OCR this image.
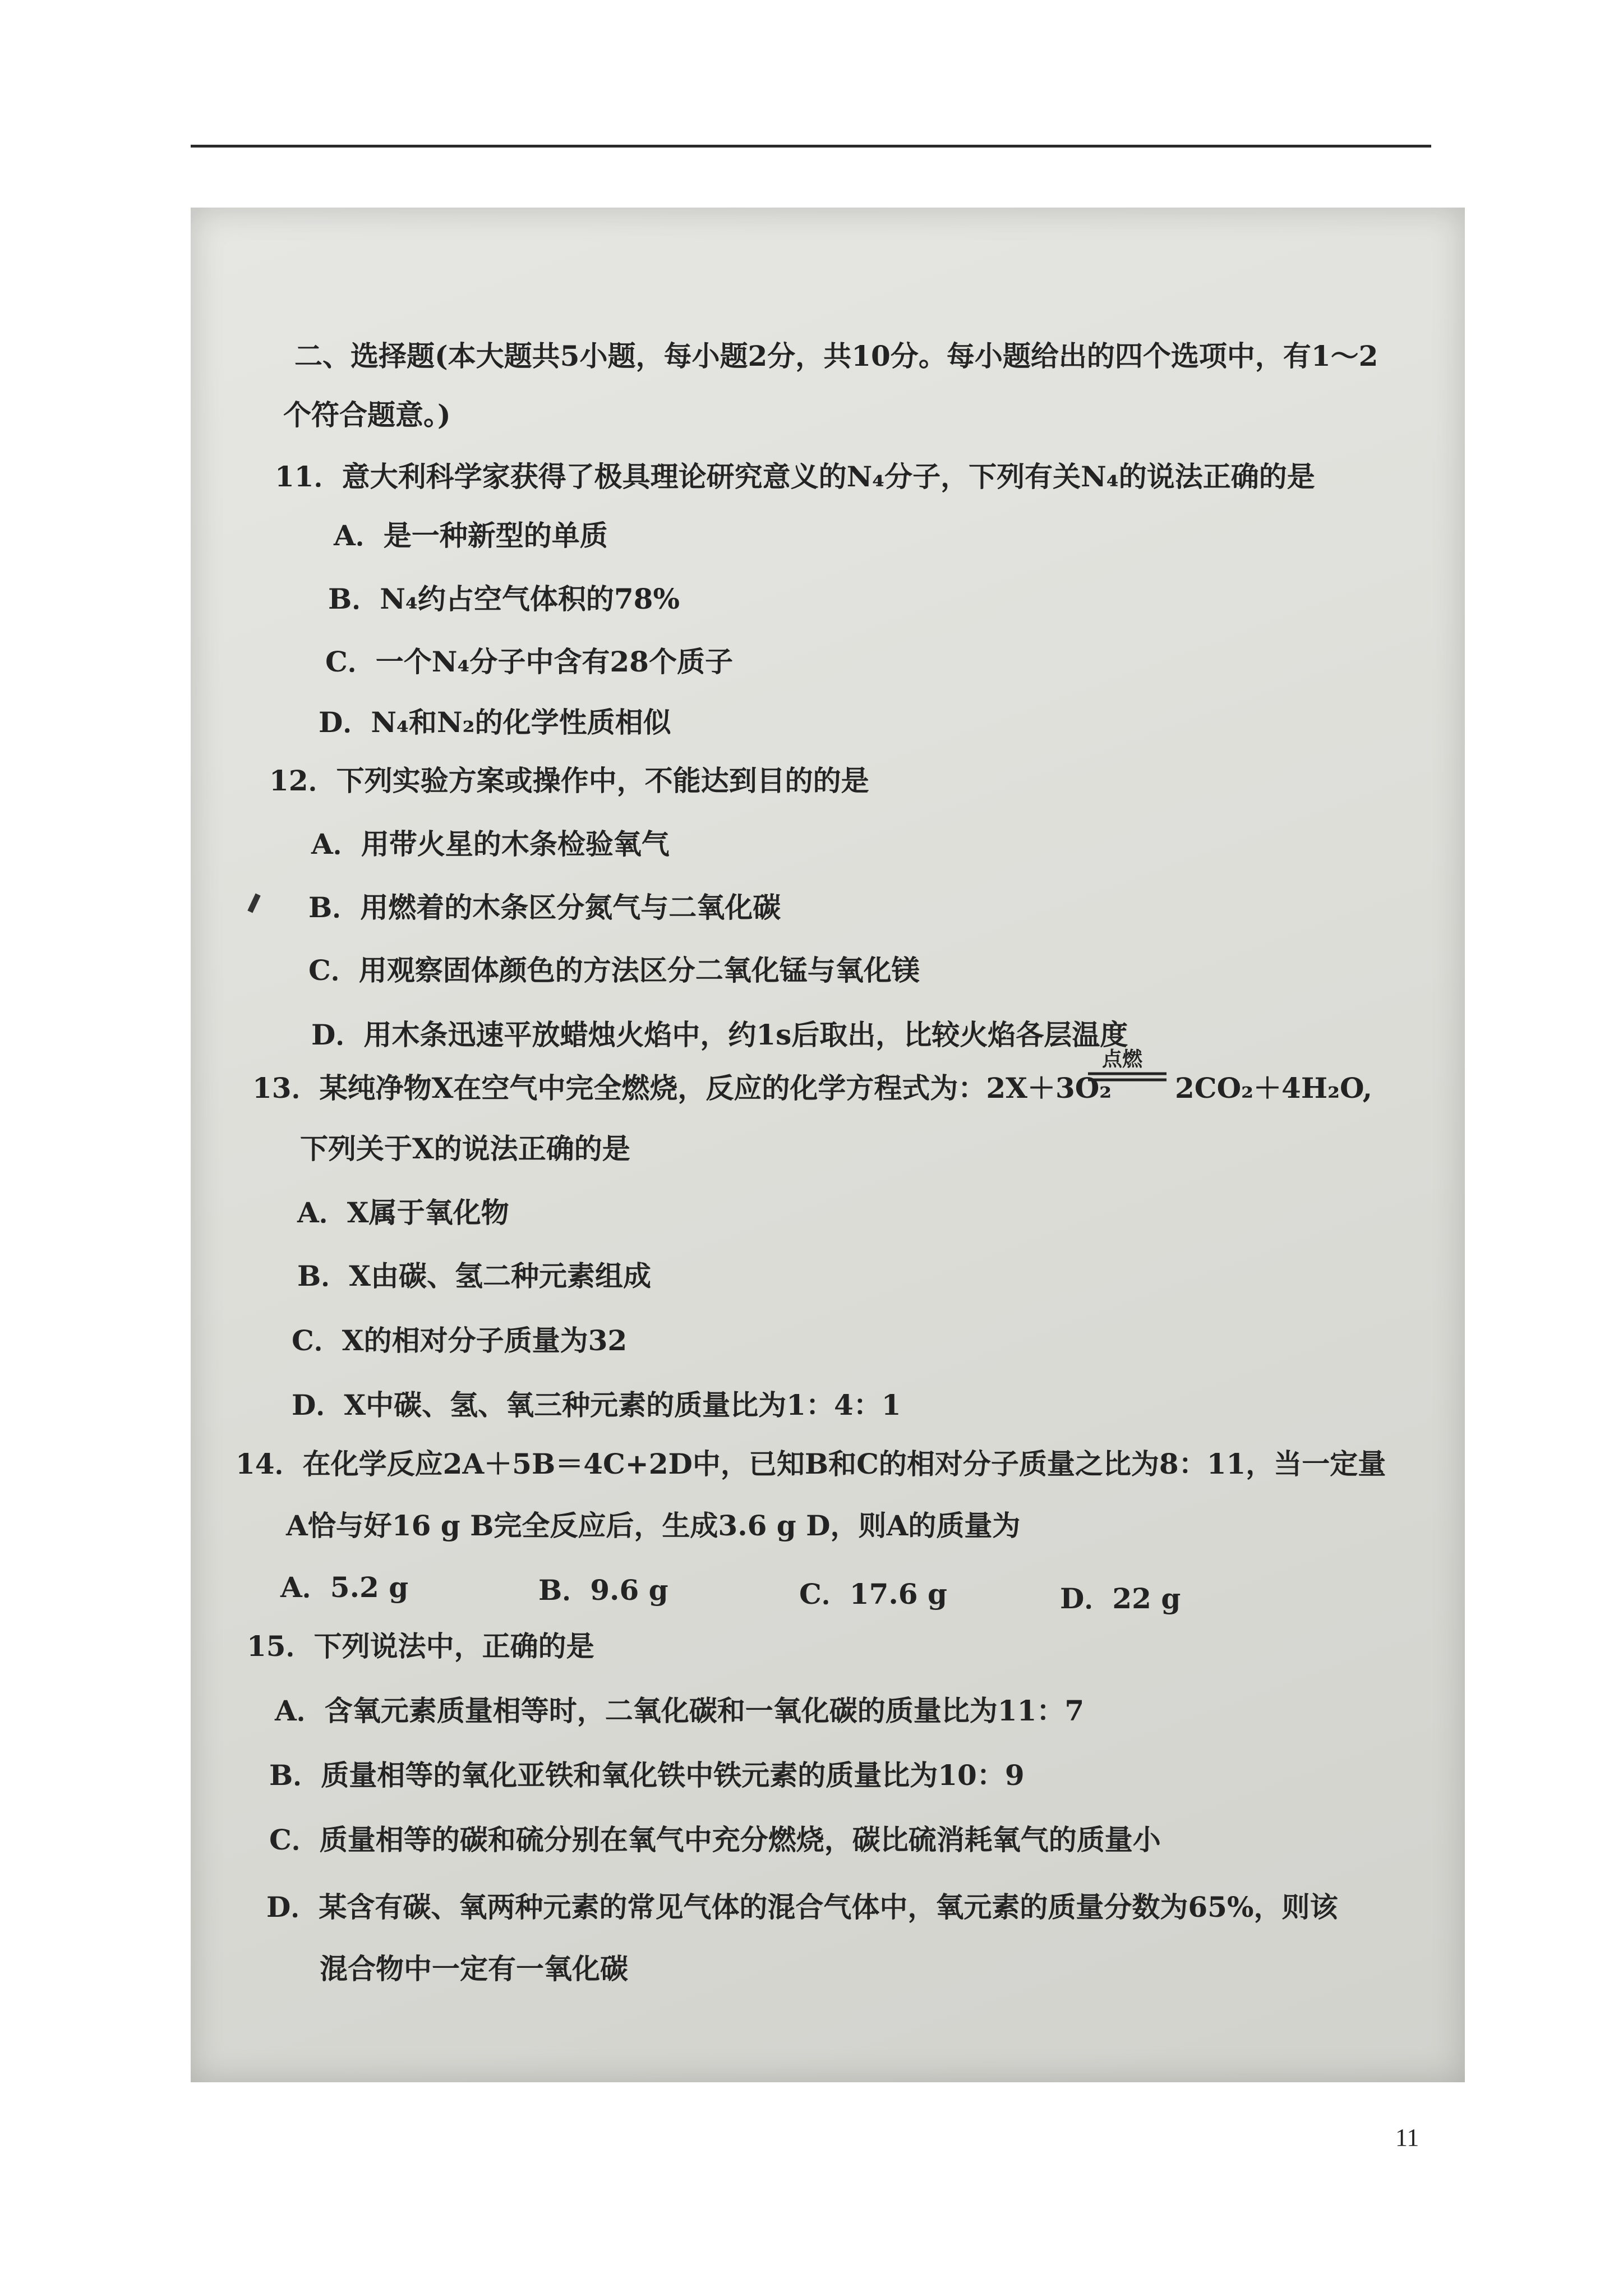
二、选择题(本大题共5小题，每小题2分，共10分。每小题给出的四个选项中，有1～2
个符合题意。)
11．意大利科学家获得了极具理论研究意义的N₄分子，下列有关N₄的说法正确的是
A．是一种新型的单质
B．N₄约占空气体积的78%
C．一个N₄分子中含有28个质子
D．N₄和N₂的化学性质相似
12．下列实验方案或操作中，不能达到目的的是
A．用带火星的木条检验氧气
B．用燃着的木条区分氮气与二氧化碳
C．用观察固体颜色的方法区分二氧化锰与氧化镁
D．用木条迅速平放蜡烛火焰中，约1s后取出，比较火焰各层温度
13．某纯净物X在空气中完全燃烧，反应的化学方程式为：2X＋3O₂
点燃
2CO₂＋4H₂O,
下列关于X的说法正确的是
A．X属于氧化物
B．X由碳、氢二种元素组成
C．X的相对分子质量为32
D．X中碳、氢、氧三种元素的质量比为1：4：1
14．在化学反应2A＋5B＝4C+2D中，已知B和C的相对分子质量之比为8：11，当一定量
A恰与好16 g B完全反应后，生成3.6 g D，则A的质量为
A．5.2 g	B．9.6 g	C．17.6 g	D．22 g
15．下列说法中，正确的是
A．含氧元素质量相等时，二氧化碳和一氧化碳的质量比为11：7
B．质量相等的氧化亚铁和氧化铁中铁元素的质量比为10：9
C．质量相等的碳和硫分别在氧气中充分燃烧，碳比硫消耗氧气的质量小
D．某含有碳、氧两种元素的常见气体的混合气体中，氧元素的质量分数为65%，则该
混合物中一定有一氧化碳
11
